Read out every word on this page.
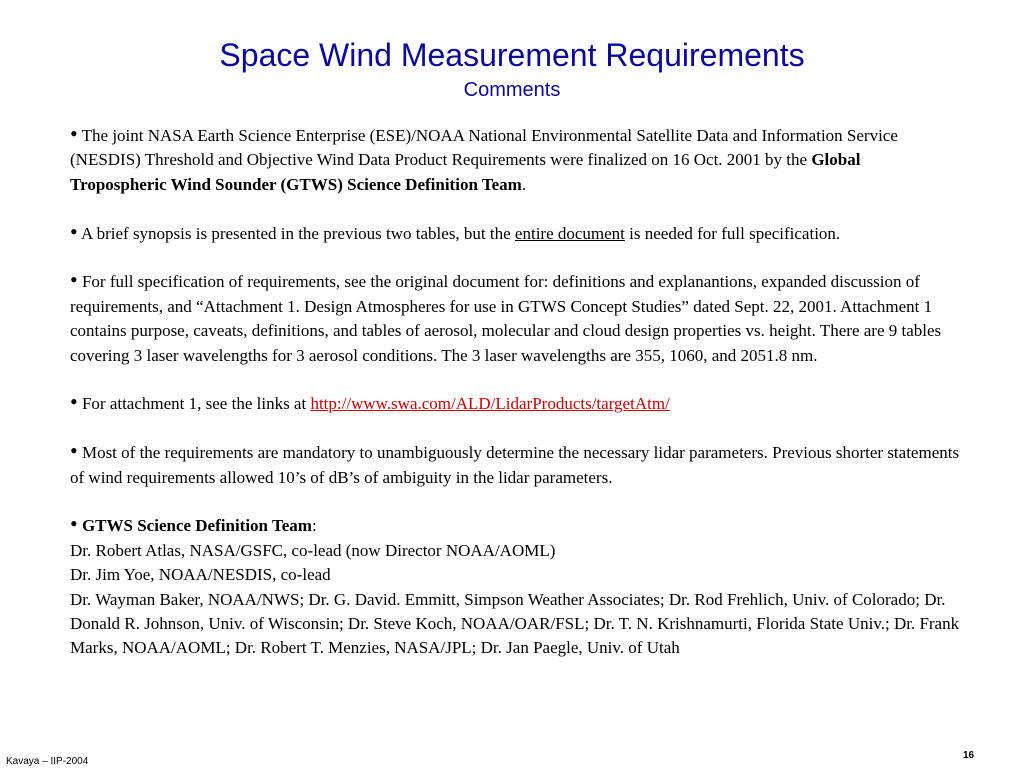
Space Wind Measurement Requirements
Comments

• The joint NASA Earth Science Enterprise (ESE)/NOAA National Environmental Satellite Data and Information Service (NESDIS) Threshold and Objective Wind Data Product Requirements were finalized on 16 Oct. 2001 by the Global Tropospheric Wind Sounder (GTWS) Science Definition Team.

• A brief synopsis is presented in the previous two tables, but the entire document is needed for full specification.

• For full specification of requirements, see the original document for: definitions and explanantions, expanded discussion of requirements, and “Attachment 1. Design Atmospheres for use in GTWS Concept Studies” dated Sept. 22, 2001. Attachment 1 contains purpose, caveats, definitions, and tables of aerosol, molecular and cloud design properties vs. height. There are 9 tables covering 3 laser wavelengths for 3 aerosol conditions. The 3 laser wavelengths are 355, 1060, and 2051.8 nm.

• For attachment 1, see the links at http://www.swa.com/ALD/LidarProducts/targetAtm/

• Most of the requirements are mandatory to unambiguously determine the necessary lidar parameters. Previous shorter statements of wind requirements allowed 10’s of dB’s of ambiguity in the lidar parameters.

• GTWS Science Definition Team:
Dr. Robert Atlas, NASA/GSFC, co-lead (now Director NOAA/AOML)
Dr. Jim Yoe, NOAA/NESDIS, co-lead
Dr. Wayman Baker, NOAA/NWS; Dr. G. David. Emmitt, Simpson Weather Associates; Dr. Rod Frehlich, Univ. of Colorado; Dr. Donald R. Johnson, Univ. of Wisconsin; Dr. Steve Koch, NOAA/OAR/FSL; Dr. T. N. Krishnamurti, Florida State Univ.; Dr. Frank Marks, NOAA/AOML; Dr. Robert T. Menzies, NASA/JPL; Dr. Jan Paegle, Univ. of Utah

Kavaya – IIP-2004
16
